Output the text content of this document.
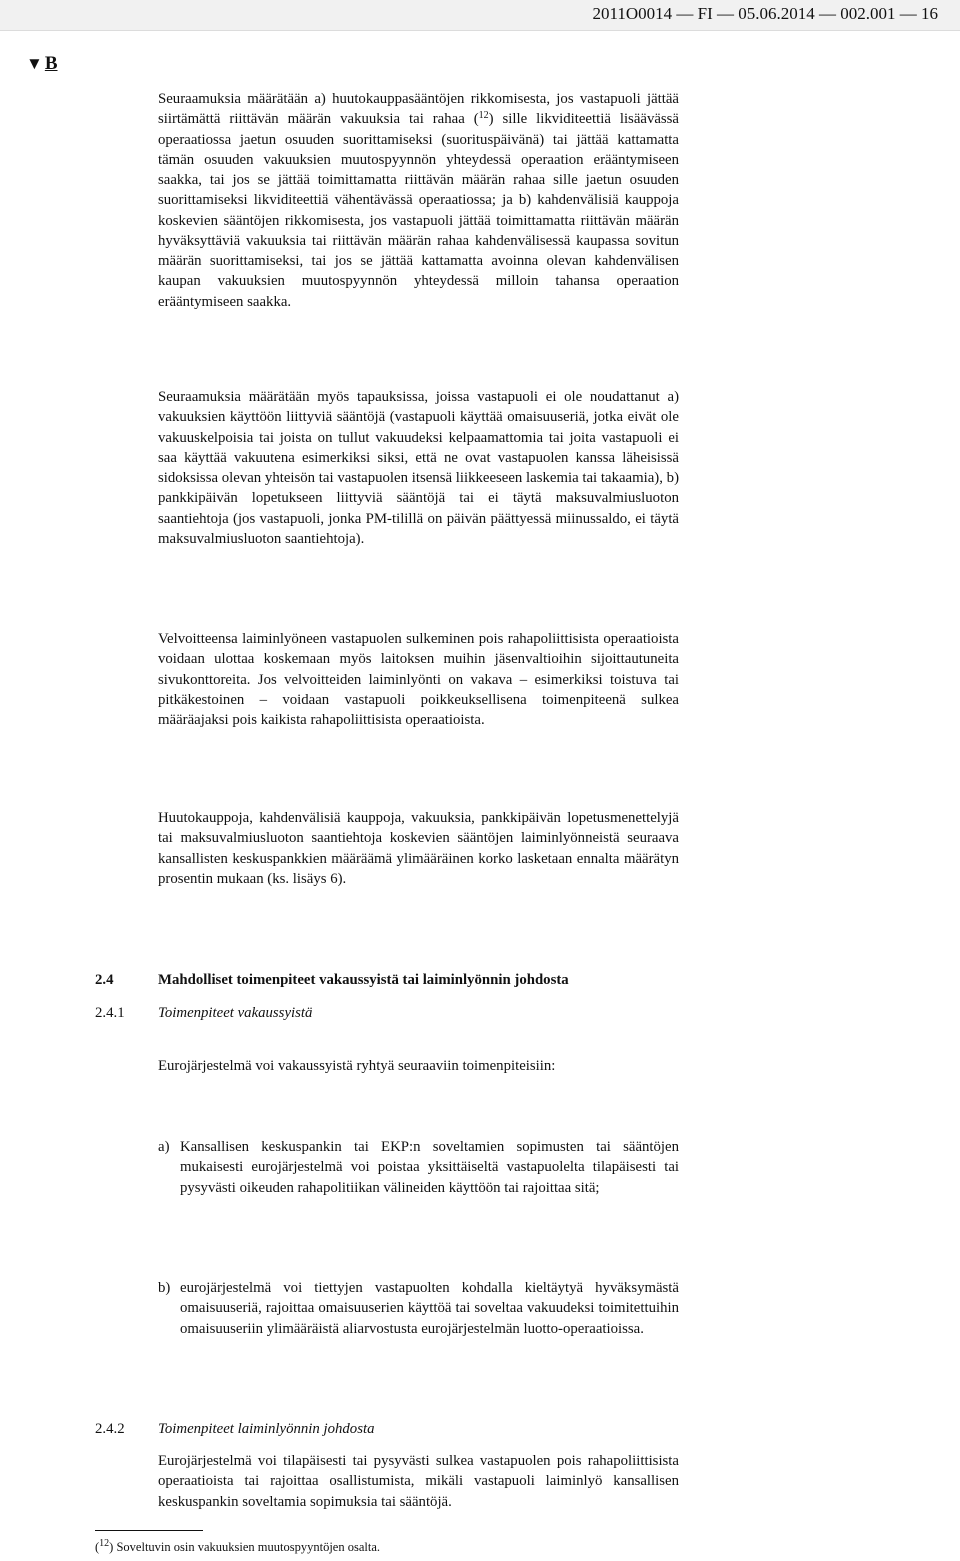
2011O0014 — FI — 05.06.2014 — 002.001 — 16
▼ B

Seuraamuksia määrätään a) huutokauppasääntöjen rikkomisesta, jos vastapuoli jättää siirtämättä riittävän määrän vakuuksia tai rahaa ($^{12}$) sille likviditeettiä lisäävässä operaatiossa jaetun osuuden suorittamiseksi (suorituspäivänä) tai jättää kattamatta tämän osuuden vakuuksien muutospyynnön yhteydessä operaation erääntymiseen saakka, tai jos se jättää toimittamatta riittävän määrän rahaa sille jaetun osuuden suorittamiseksi likviditeettiä vähentävässä operaatiossa; ja b) kahdenvälisiä kauppoja koskevien sääntöjen rikkomisesta, jos vastapuoli jättää toimittamatta riittävän määrän hyväksyttäviä vakuuksia tai riittävän määrän rahaa kahdenvälisessä kaupassa sovitun määrän suorittamiseksi, tai jos se jättää kattamatta avoinna olevan kahdenvälisen kaupan vakuuksien muutospyynnön yhteydessä milloin tahansa operaation erääntymiseen saakka.

Seuraamuksia määrätään myös tapauksissa, joissa vastapuoli ei ole noudattanut a) vakuuksien käyttöön liittyviä sääntöjä (vastapuoli käyttää omaisuuseriä, jotka eivät ole vakuuskelpoisia tai joista on tullut vakuudeksi kelpaamattomia tai joita vastapuoli ei saa käyttää vakuutena esimerkiksi siksi, että ne ovat vastapuolen kanssa läheisissä sidoksissa olevan yhteisön tai vastapuolen itsensä liikkeeseen laskemia tai takaamia), b) pankkipäivän lopetukseen liittyviä sääntöjä tai ei täytä maksuvalmiusluoton saantiehtoja (jos vastapuoli, jonka PM-tilillä on päivän päättyessä miinussaldo, ei täytä maksuvalmiusluoton saantiehtoja).

Velvoitteensa laiminlyöneen vastapuolen sulkeminen pois rahapoliittisista operaatioista voidaan ulottaa koskemaan myös laitoksen muihin jäsenvaltioihin sijoittautuneita sivukonttoreita. Jos velvoitteiden laiminlyönti on vakava – esimerkiksi toistuva tai pitkäkestoinen – voidaan vastapuoli poikkeuksellisena toimenpiteenä sulkea määräajaksi pois kaikista rahapoliittisista operaatioista.

Huutokauppoja, kahdenvälisiä kauppoja, vakuuksia, pankkipäivän lopetusmenettelyjä tai maksuvalmiusluoton saantiehtoja koskevien sääntöjen laiminlyönneistä seuraava kansallisten keskuspankkien määräämä ylimääräinen korko lasketaan ennalta määrätyn prosentin mukaan (ks. lisäys 6).

2.4	Mahdolliset toimenpiteet vakaussyistä tai laiminlyönnin johdosta
2.4.1 Toimenpiteet vakaussyistä

Eurojärjestelmä voi vakaussyistä ryhtyä seuraaviin toimenpiteisiin:

a) Kansallisen keskuspankin tai EKP:n soveltamien sopimusten tai sääntöjen mukaisesti eurojärjestelmä voi poistaa yksittäiseltä vastapuolelta tilapäisesti tai pysyvästi oikeuden rahapolitiikan välineiden käyttöön tai rajoittaa sitä;

b) eurojärjestelmä voi tiettyjen vastapuolten kohdalla kieltäytyä hyväksymästä omaisuuseriä, rajoittaa omaisuuserien käyttöä tai soveltaa vakuudeksi toimitettuihin omaisuuseriin ylimääräistä aliarvostusta eurojärjestelmän luotto-operaatioissa.

2.4.2 Toimenpiteet laiminlyönnin johdosta

Eurojärjestelmä voi tilapäisesti tai pysyvästi sulkea vastapuolen pois rahapoliittisista operaatioista tai rajoittaa osallistumista, mikäli vastapuoli laiminlyö kansallisen keskuspankin soveltamia sopimuksia tai sääntöjä.

($^{12}$) Soveltuvin osin vakuuksien muutospyyntöjen osalta.
